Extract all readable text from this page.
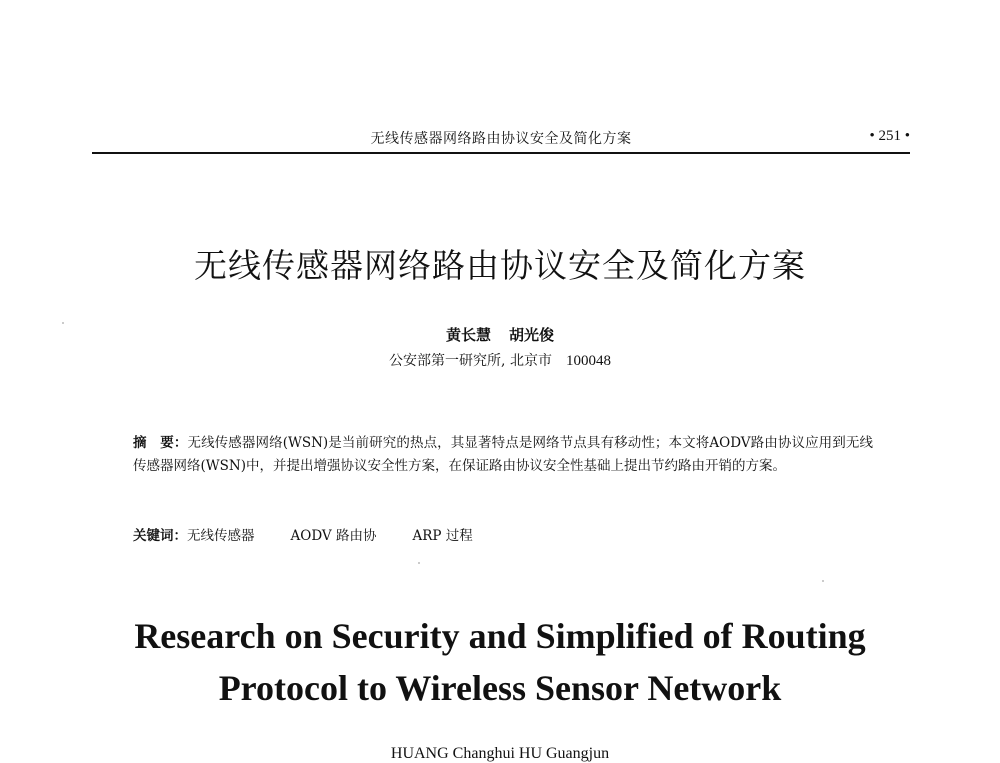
无线传感器网络路由协议安全及简化方案	• 251 •
无线传感器网络路由协议安全及简化方案
黄长慧 胡光俊
公安部第一研究所, 北京市 100048
摘　要：无线传感器网络(WSN)是当前研究的热点，其显著特点是网络节点具有移动性；本文将AODV路由协议应用到无线传感器网络(WSN)中，并提出增强协议安全性方案，在保证路由协议安全性基础上提出节约路由开销的方案。
关键词：无线传感器	AODV 路由协	ARP 过程
Research on Security and Simplified of Routing
Protocol to Wireless Sensor Network
HUANG Changhui HU Guangjun
